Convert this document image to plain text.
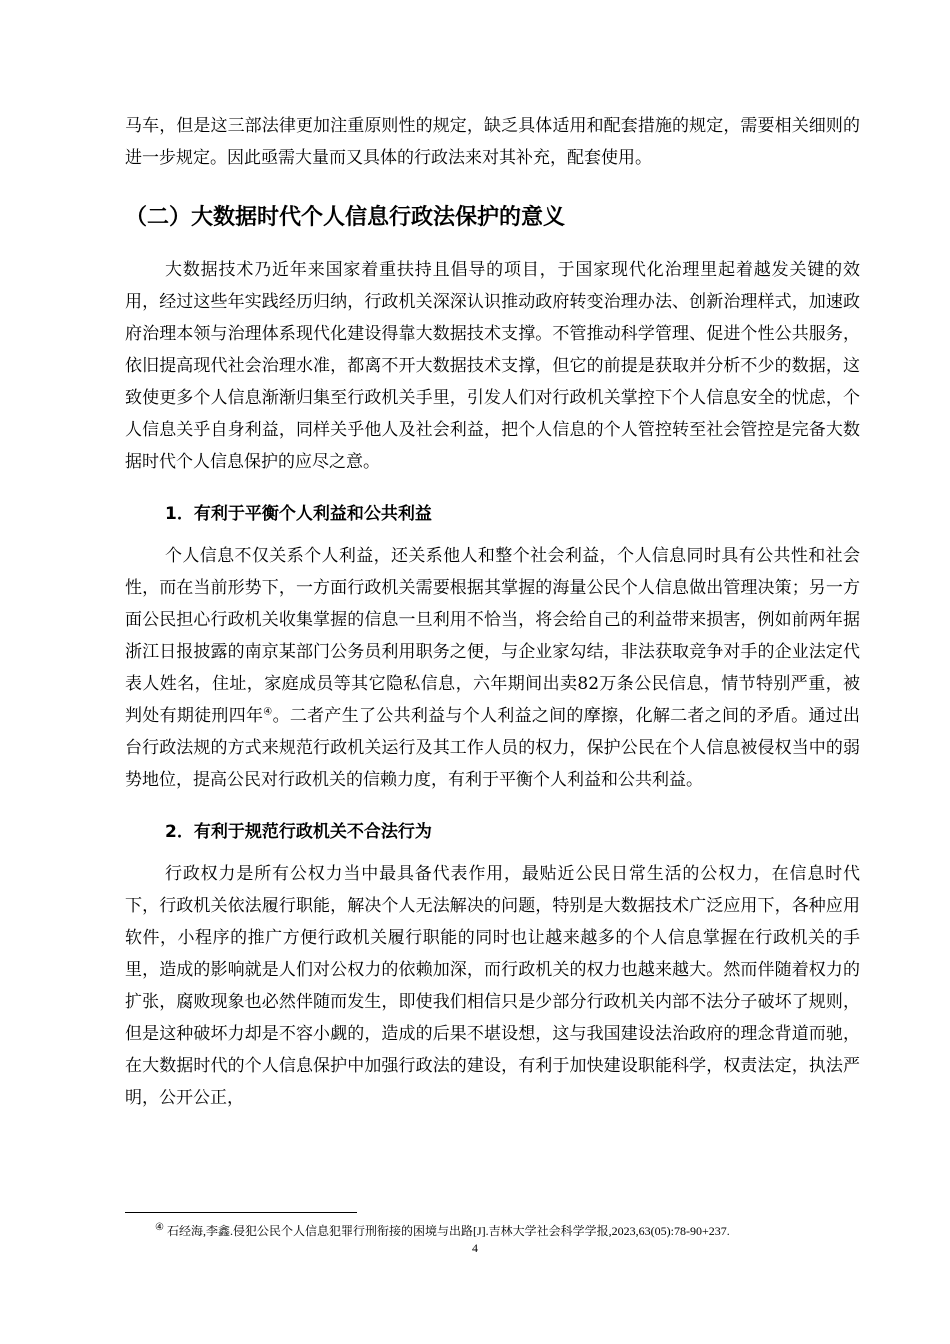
马车，但是这三部法律更加注重原则性的规定，缺乏具体适用和配套措施的规定，需要相关细则的进一步规定。因此亟需大量而又具体的行政法来对其补充，配套使用。

（二）大数据时代个人信息行政法保护的意义

大数据技术乃近年来国家着重扶持且倡导的项目，于国家现代化治理里起着越发关键的效用，经过这些年实践经历归纳，行政机关深深认识推动政府转变治理办法、创新治理样式，加速政府治理本领与治理体系现代化建设得靠大数据技术支撑。不管推动科学管理、促进个性公共服务，依旧提高现代社会治理水准，都离不开大数据技术支撑，但它的前提是获取并分析不少的数据，这致使更多个人信息渐渐归集至行政机关手里，引发人们对行政机关掌控下个人信息安全的忧虑，个人信息关乎自身利益，同样关乎他人及社会利益，把个人信息的个人管控转至社会管控是完备大数据时代个人信息保护的应尽之意。

1．有利于平衡个人利益和公共利益

个人信息不仅关系个人利益，还关系他人和整个社会利益，个人信息同时具有公共性和社会性，而在当前形势下，一方面行政机关需要根据其掌握的海量公民个人信息做出管理决策；另一方面公民担心行政机关收集掌握的信息一旦利用不恰当，将会给自己的利益带来损害，例如前两年据浙江日报披露的南京某部门公务员利用职务之便，与企业家勾结，非法获取竞争对手的企业法定代表人姓名，住址，家庭成员等其它隐私信息，六年期间出卖82万条公民信息，情节特别严重，被判处有期徒刑四年④。二者产生了公共利益与个人利益之间的摩擦，化解二者之间的矛盾。通过出台行政法规的方式来规范行政机关运行及其工作人员的权力，保护公民在个人信息被侵权当中的弱势地位，提高公民对行政机关的信赖力度，有利于平衡个人利益和公共利益。

2．有利于规范行政机关不合法行为

行政权力是所有公权力当中最具备代表作用，最贴近公民日常生活的公权力，在信息时代下，行政机关依法履行职能，解决个人无法解决的问题，特别是大数据技术广泛应用下，各种应用软件，小程序的推广方便行政机关履行职能的同时也让越来越多的个人信息掌握在行政机关的手里，造成的影响就是人们对公权力的依赖加深，而行政机关的权力也越来越大。然而伴随着权力的扩张，腐败现象也必然伴随而发生，即使我们相信只是少部分行政机关内部不法分子破坏了规则，但是这种破坏力却是不容小觑的，造成的后果不堪设想，这与我国建设法治政府的理念背道而驰，在大数据时代的个人信息保护中加强行政法的建设，有利于加快建设职能科学，权责法定，执法严明，公开公正，

④ 石经海,李鑫.侵犯公民个人信息犯罪行刑衔接的困境与出路[J].吉林大学社会科学学报,2023,63(05):78-90+237.
4
